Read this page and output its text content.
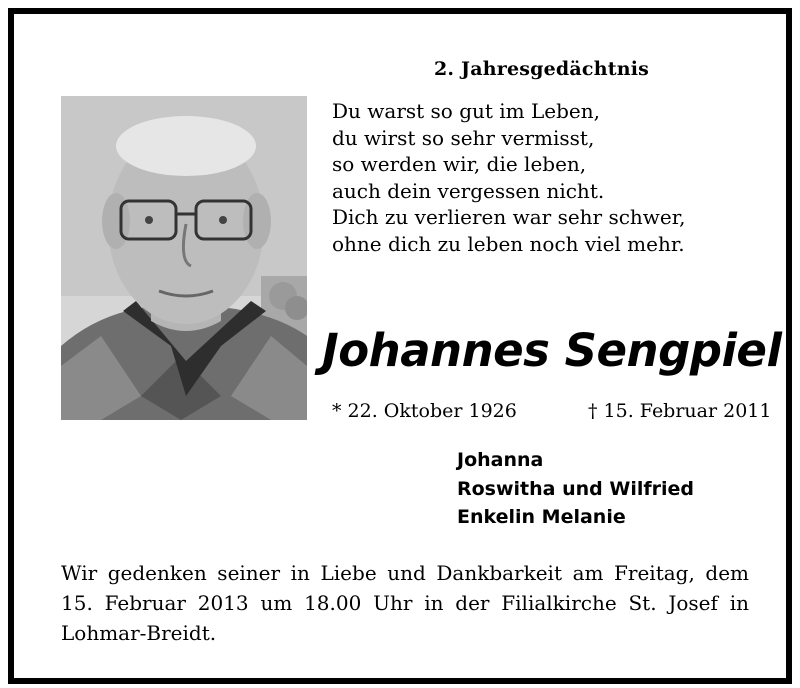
2. Jahresgedächtnis
Du warst so gut im Leben,
du wirst so sehr vermisst,
so werden wir, die leben,
auch dein vergessen nicht.
Dich zu verlieren war sehr schwer,
ohne dich zu leben noch viel mehr.
Johannes Sengpiel
* 22. Oktober 1926	† 15. Februar 2011
Johanna
Roswitha und Wilfried
Enkelin Melanie
Wir gedenken seiner in Liebe und Dankbarkeit am Freitag, dem 15. Februar 2013 um 18.00 Uhr in der Filialkirche St. Josef in Lohmar-Breidt.
